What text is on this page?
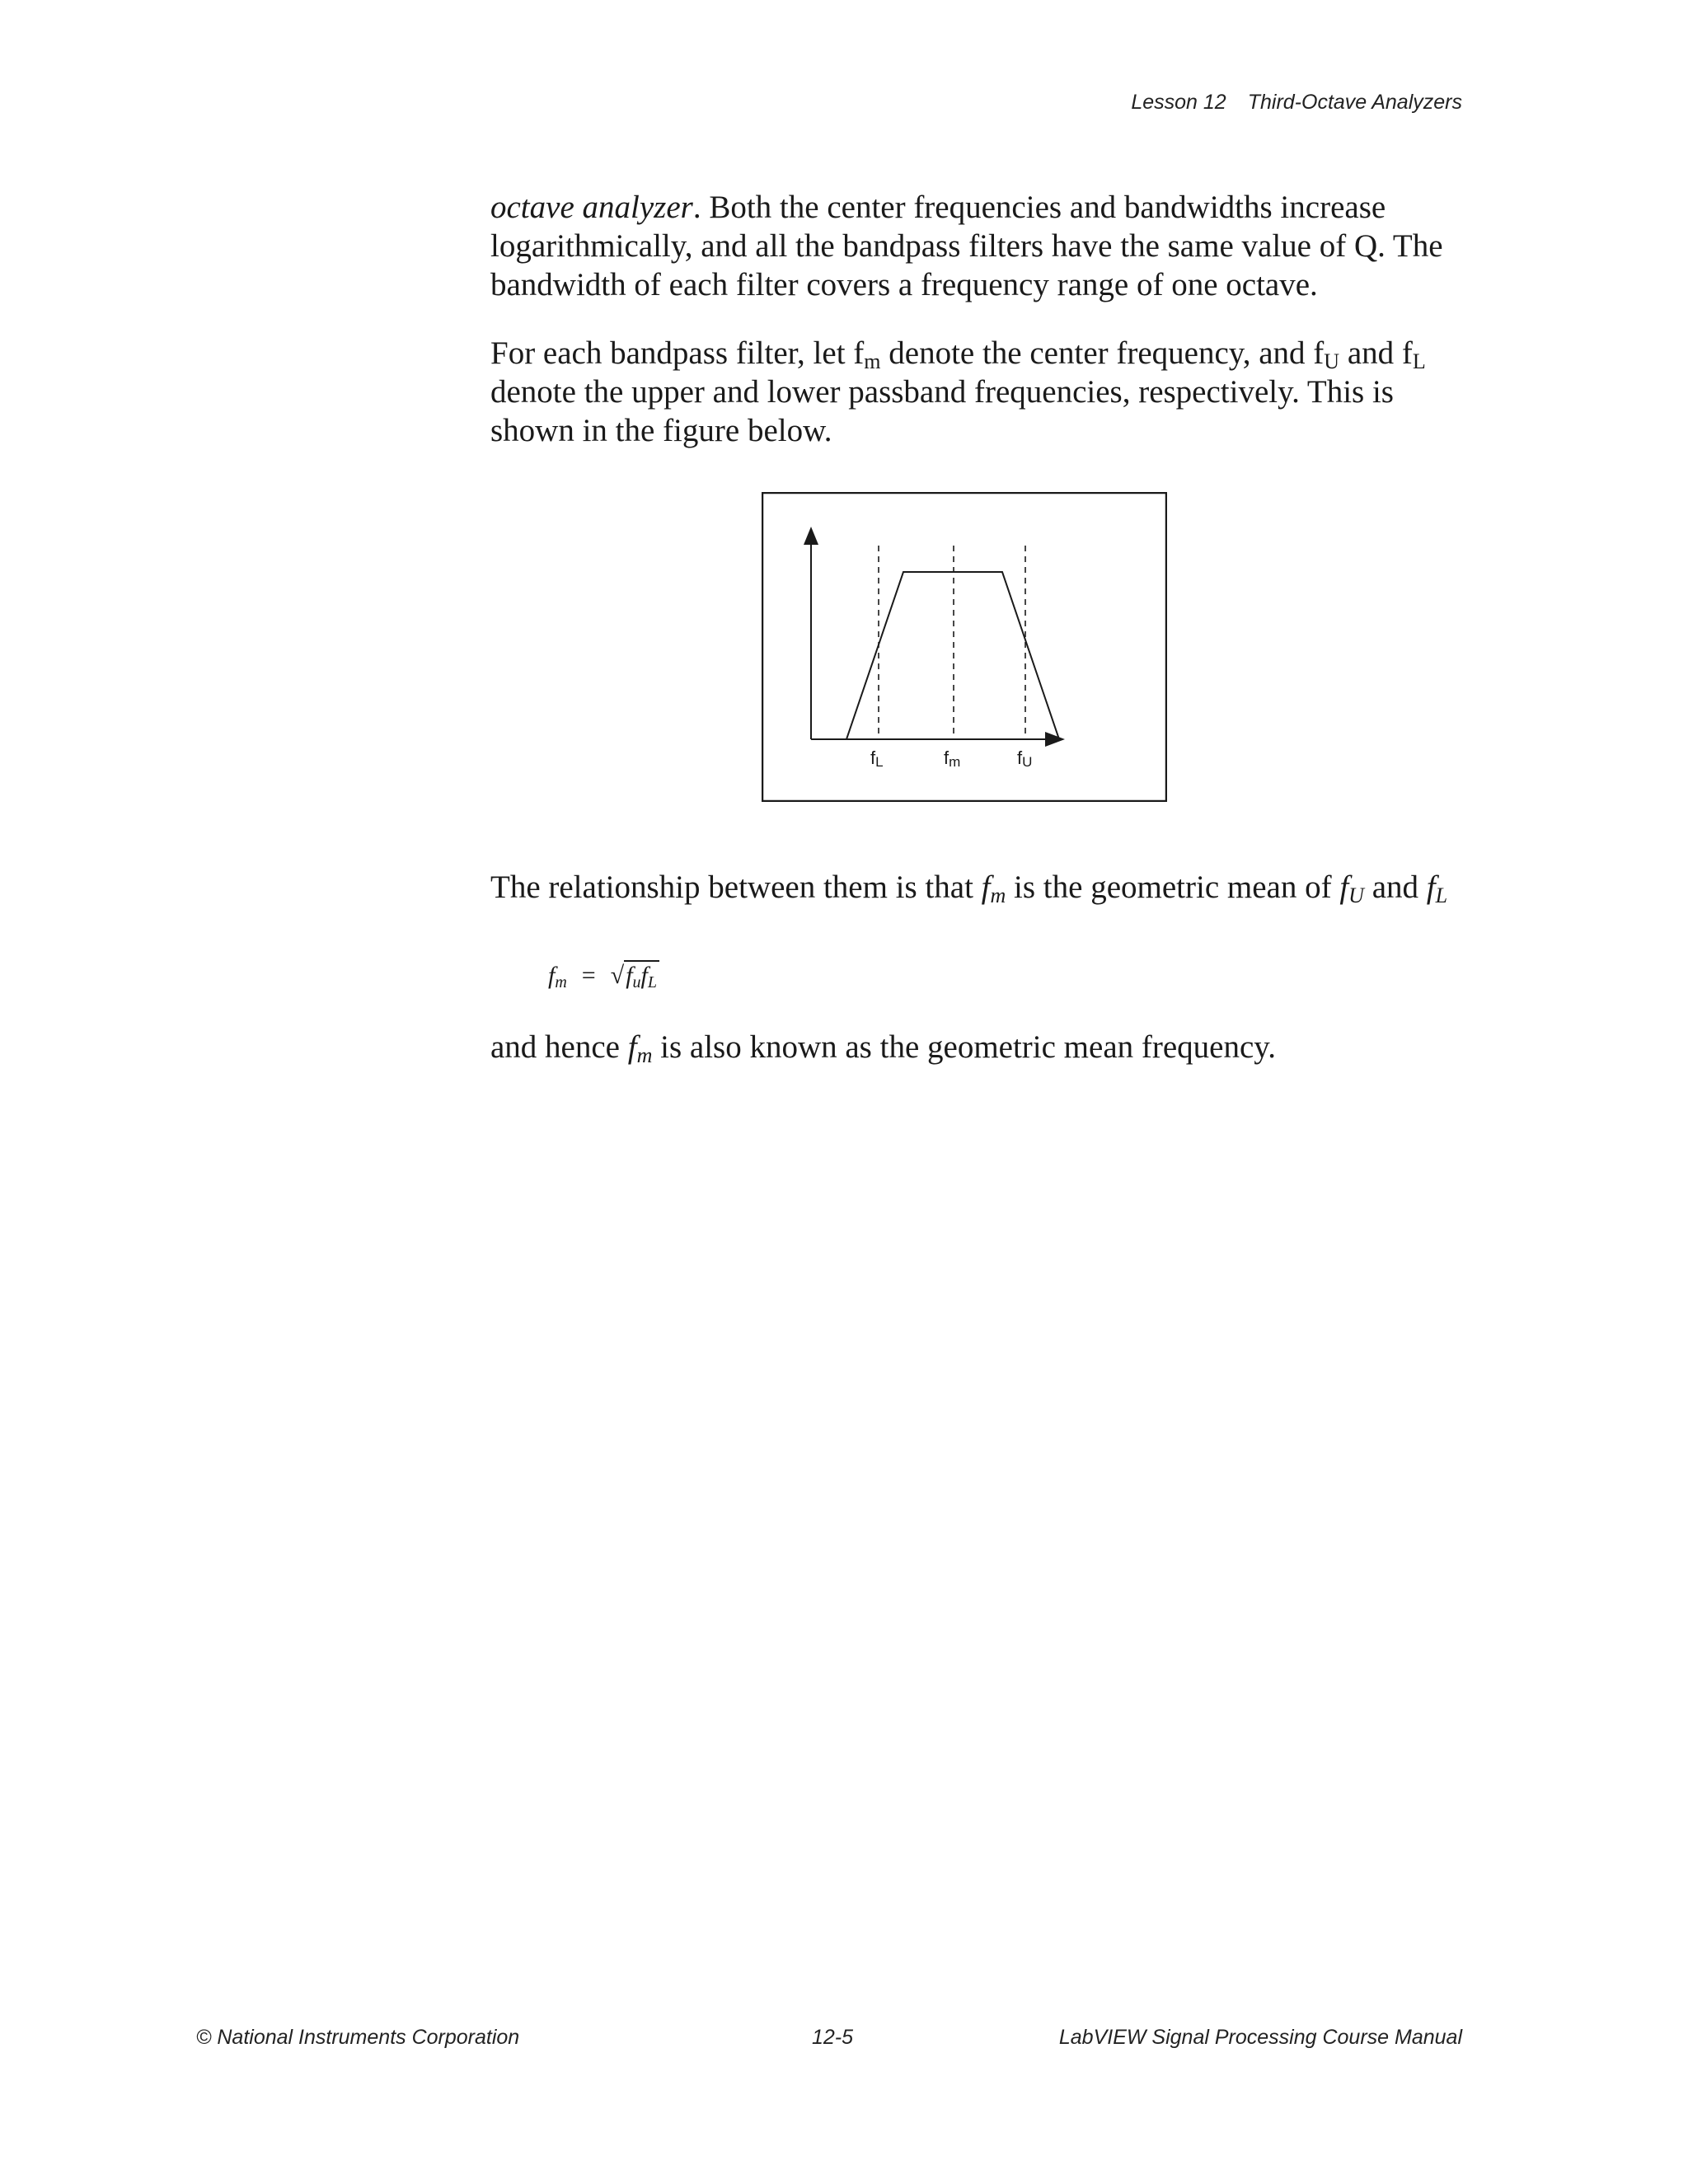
Lesson 12 Third-Octave Analyzers

octave analyzer. Both the center frequencies and bandwidths increase logarithmically, and all the bandpass filters have the same value of Q. The bandwidth of each filter covers a frequency range of one octave.

For each bandpass filter, let $f_m$ denote the center frequency, and $f_U$ and $f_L$ denote the upper and lower passband frequencies, respectively. This is shown in the figure below.

fL	fm	fU

The relationship between them is that $f_m$ is the geometric mean of $f_U$ and $f_L$

$f_m = √f_uf_L$

and hence $f_m$ is also known as the geometric mean frequency.

© National Instruments Corporation	12-5	LabVIEW Signal Processing Course Manual
